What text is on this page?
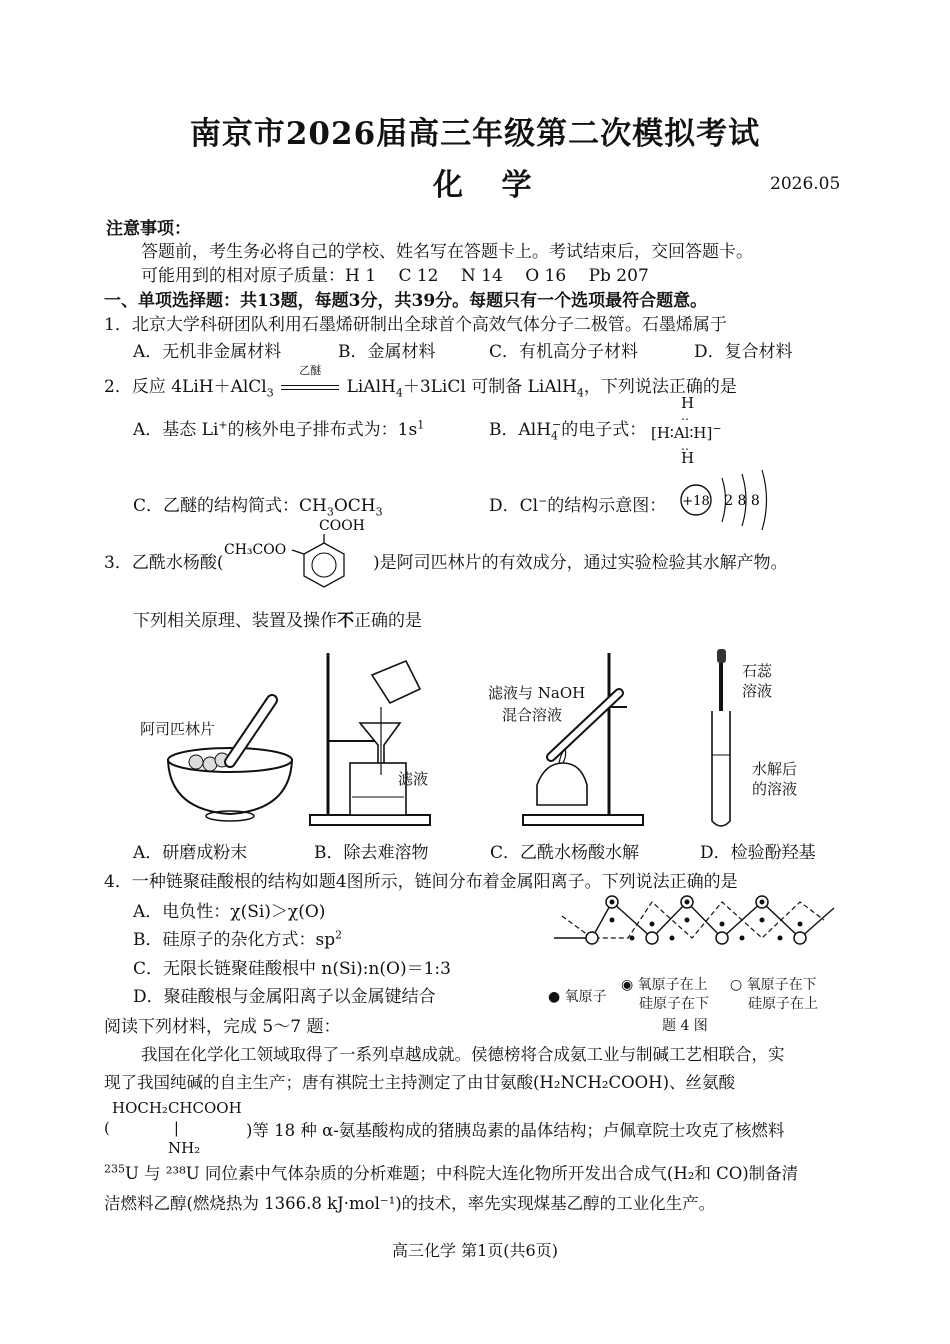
南京市2026届高三年级第二次模拟考试
化 学	2026.05
注意事项：
答题前，考生务必将自己的学校、姓名写在答题卡上。考试结束后，交回答题卡。
可能用到的相对原子质量：H 1　 C 12　 N 14　 O 16　 Pb 207
一、单项选择题：共13题，每题3分，共39分。每题只有一个选项最符合题意。
1．北京大学科研团队利用石墨烯研制出全球首个高效气体分子二极管。石墨烯属于
A．无机非金属材料	B．金属材料	C．有机高分子材料	D．复合材料
2．反应 4LiH＋AlCl$_3$
乙醚
LiAlH$_4$＋3LiCl 可制备 LiAlH$_4$，下列说法正确的是
A．基态 Li+的核外电子排布式为：$1s^1$	B．AlH$_4$−的电子式：
H
‥
[H∶Al∶H]−
‥
H
C．乙醚的结构简式：$CH_3OCH_3$	D．Cl−的结构示意图： +18 2 8 8
3．乙酰水杨酸(
CH₃COO
COOH
)是阿司匹林片的有效成分，通过实验检验其水解产物。
下列相关原理、装置及操作不正确的是
阿司匹林片
滤液
滤液与 NaOH
混合溶液
石蕊
溶液
水解后
的溶液
A．研磨成粉末	B．除去难溶物	C．乙酰水杨酸水解	D．检验酚羟基
4．一种链聚硅酸根的结构如题4图所示，链间分布着金属阳离子。下列说法正确的是
A．电负性：χ(Si)＞χ(O)
B．硅原子的杂化方式：$sp^2$
C．无限长链聚硅酸根中 n(Si):n(O)＝1:3
D．聚硅酸根与金属阳离子以金属键结合	● 氧原子
◉ 氧原子在上
硅原子在下
○ 氧原子在下
硅原子在上
题 4 图
阅读下列材料，完成 5～7 题：
我国在化学化工领域取得了一系列卓越成就。侯德榜将合成氨工业与制碱工艺相联合，实
现了我国纯碱的自主生产；唐有祺院士主持测定了由甘氨酸(H₂NCH₂COOH)、丝氨酸
HOCH₂CHCOOH
(	|
NH₂
)等 18 种 α-氨基酸构成的猪胰岛素的晶体结构；卢佩章院士攻克了核燃料
$^{235}$U 与 ²³⁸U 同位素中气体杂质的分析难题；中科院大连化物所开发出合成气(H₂和 CO)制备清
洁燃料乙醇(燃烧热为 1366.8 kJ·mol⁻¹)的技术，率先实现煤基乙醇的工业化生产。
高三化学 第1页(共6页)
